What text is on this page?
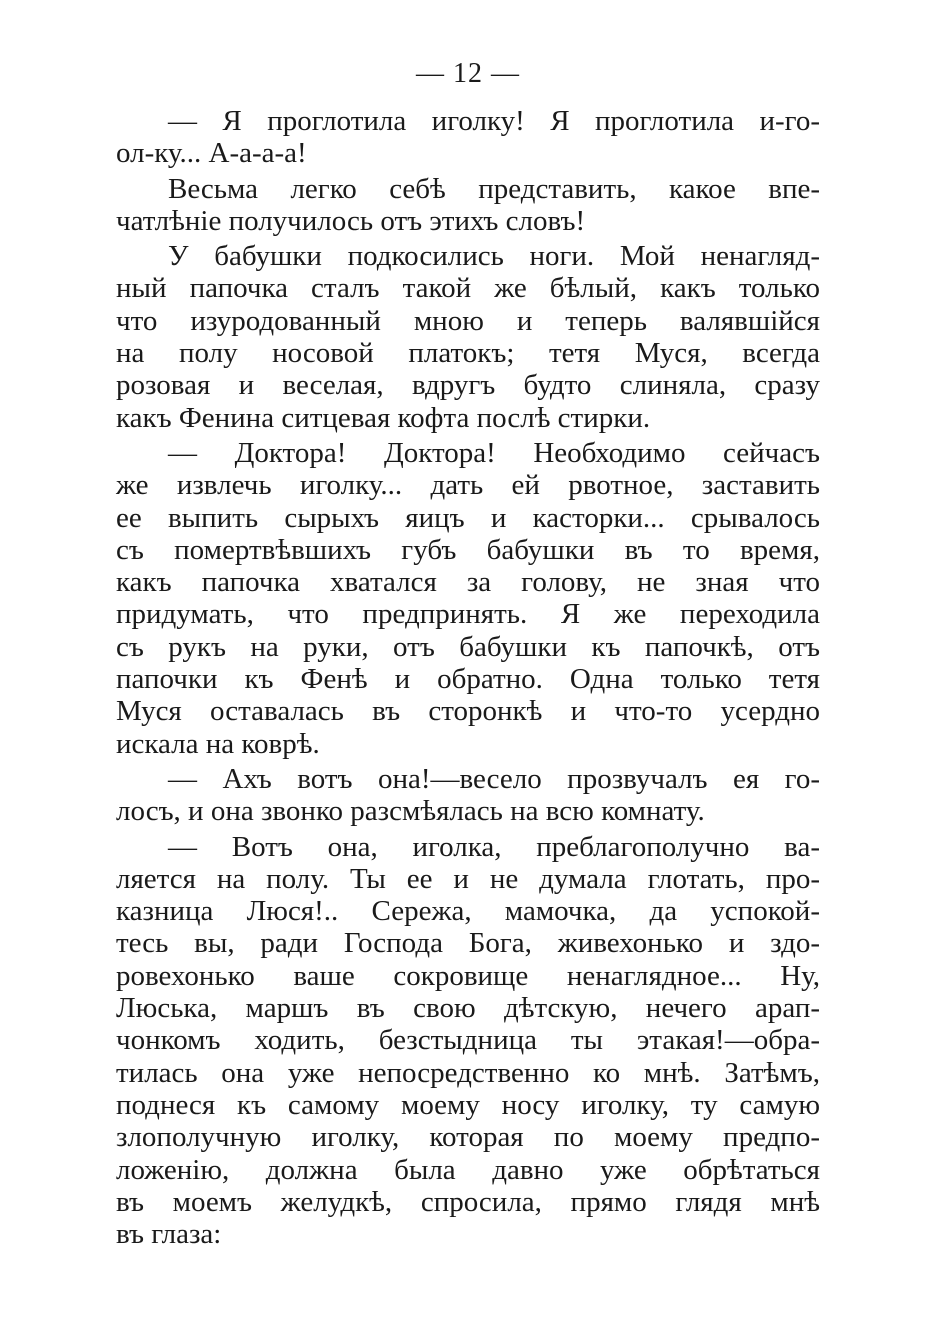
— 12 —
— Я проглотила иголку! Я проглотила и-го-
ол-ку... А-а-а-а!
Весьма легко себѣ представить, какое впе-
чатлѣніе получилось отъ этихъ словъ!
У бабушки подкосились ноги. Мой ненагляд-
ный папочка сталъ такой же бѣлый, какъ только
что изуродованный мною и теперь валявшійся
на полу носовой платокъ; тетя Муся, всегда
розовая и веселая, вдругъ будто слиняла, сразу
какъ Фенина ситцевая кофта послѣ стирки.
— Доктора! Доктора! Необходимо сейчасъ
же извлечь иголку... дать ей рвотное, заставить
ее выпить сырыхъ яицъ и касторки... срывалось
съ помертвѣвшихъ губъ бабушки въ то время,
какъ папочка хватался за голову, не зная что
придумать, что предпринять. Я же переходила
съ рукъ на руки, отъ бабушки къ папочкѣ, отъ
папочки къ Фенѣ и обратно. Одна только тетя
Муся оставалась въ сторонкѣ и что-то усердно
искала на коврѣ.
— Ахъ вотъ она!—весело прозвучалъ ея го-
лосъ, и она звонко разсмѣялась на всю комнату.
— Вотъ она, иголка, преблагополучно ва-
ляется на полу. Ты ее и не думала глотать, про-
казница Люся!.. Сережа, мамочка, да успокой-
тесь вы, ради Господа Бога, живехонько и здо-
ровехонько ваше сокровище ненаглядное... Ну,
Люська, маршъ въ свою дѣтскую, нечего арап-
чонкомъ ходить, безстыдница ты этакая!—обра-
тилась она уже непосредственно ко мнѣ. Затѣмъ,
поднеся къ самому моему носу иголку, ту самую
злополучную иголку, которая по моему предпо-
ложенію, должна была давно уже обрѣтаться
въ моемъ желудкѣ, спросила, прямо глядя мнѣ
въ глаза:
